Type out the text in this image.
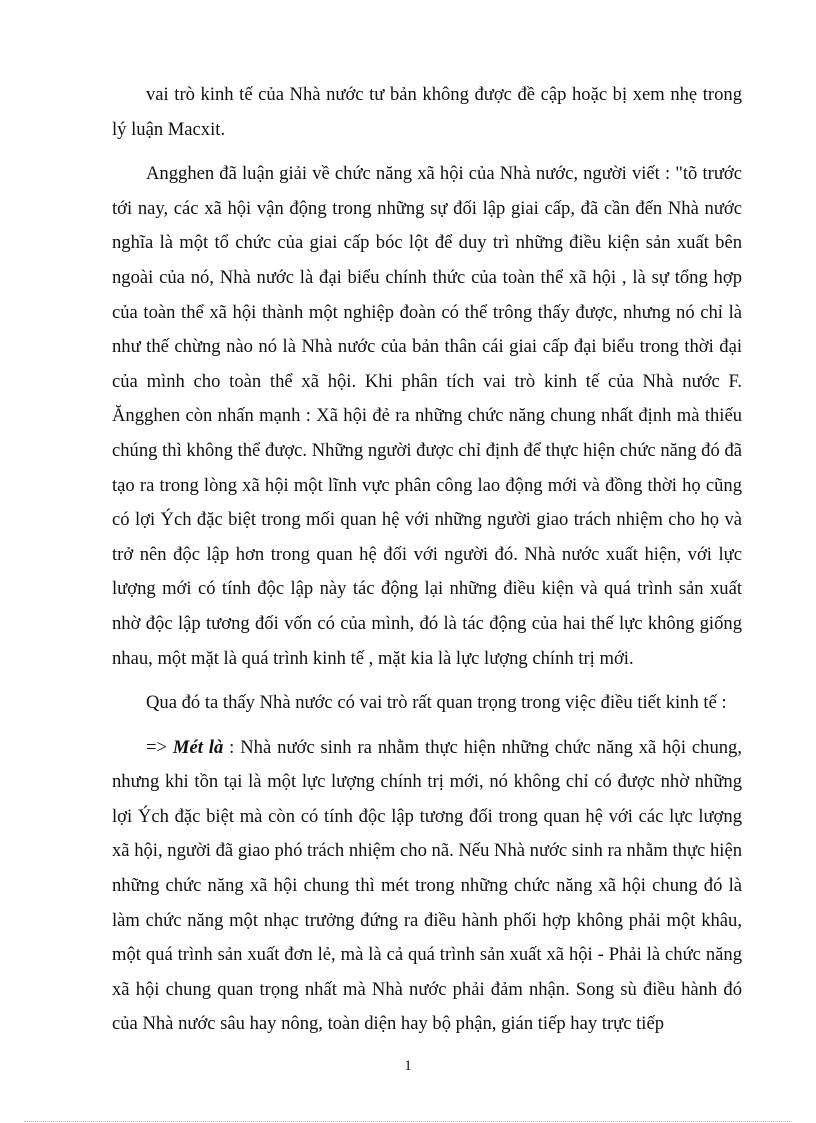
vai trò kinh tế của Nhà nước tư bản không được đề cập hoặc bị xem nhẹ trong lý luận Macxit.

Angghen đã luận giải về chức năng xã hội của Nhà nước, người viết : "tõ trước tới nay, các xã hội vận động trong những sự đối lập giai cấp, đã cần đến Nhà nước nghĩa là một tổ chức của giai cấp bóc lột để duy trì những điều kiện sản xuất bên ngoài của nó, Nhà nước là đại biểu chính thức của toàn thể xã hội , là sự tổng hợp của toàn thể xã hội thành một nghiệp đoàn có thể trông thấy được, nhưng nó chỉ là như thế chừng nào nó là Nhà nước của bản thân cái giai cấp đại biểu trong thời đại của mình cho toàn thể xã hội. Khi phân tích vai trò kinh tế của Nhà nước F. Ăngghen còn nhấn mạnh : Xã hội đẻ ra những chức năng chung nhất định mà thiếu chúng thì không thể được. Những người được chỉ định để thực hiện chức năng đó đã tạo ra trong lòng xã hội một lĩnh vực phân công lao động mới và đồng thời họ cũng có lợi Ých đặc biệt trong mối quan hệ với những người giao trách nhiệm cho họ và trở nên độc lập hơn trong quan hệ đối với người đó. Nhà nước xuất hiện, với lực lượng mới có tính độc lập này tác động lại những điều kiện và quá trình sản xuất nhờ độc lập tương đối vốn có của mình, đó là tác động của hai thế lực không giống nhau, một mặt là quá trình kinh tế , mặt kia là lực lượng chính trị mới.

Qua đó ta thấy Nhà nước có vai trò rất quan trọng trong việc điều tiết kinh tế :

=> Mét là : Nhà nước sinh ra nhằm thực hiện những chức năng xã hội chung, nhưng khi tồn tại là một lực lượng chính trị mới, nó không chỉ có được nhờ những lợi Ých đặc biệt mà còn có tính độc lập tương đối trong quan hệ với các lực lượng xã hội, người đã giao phó trách nhiệm cho nã. Nếu Nhà nước sinh ra nhằm thực hiện những chức năng xã hội chung thì mét trong những chức năng xã hội chung đó là làm chức năng một nhạc trưởng đứng ra điều hành phối hợp không phải một khâu, một quá trình sản xuất đơn lẻ, mà là cả quá trình sản xuất xã hội - Phải là chức năng xã hội chung quan trọng nhất mà Nhà nước phải đảm nhận. Song sù điều hành đó của Nhà nước sâu hay nông, toàn diện hay bộ phận, gián tiếp hay trực tiếp

1
